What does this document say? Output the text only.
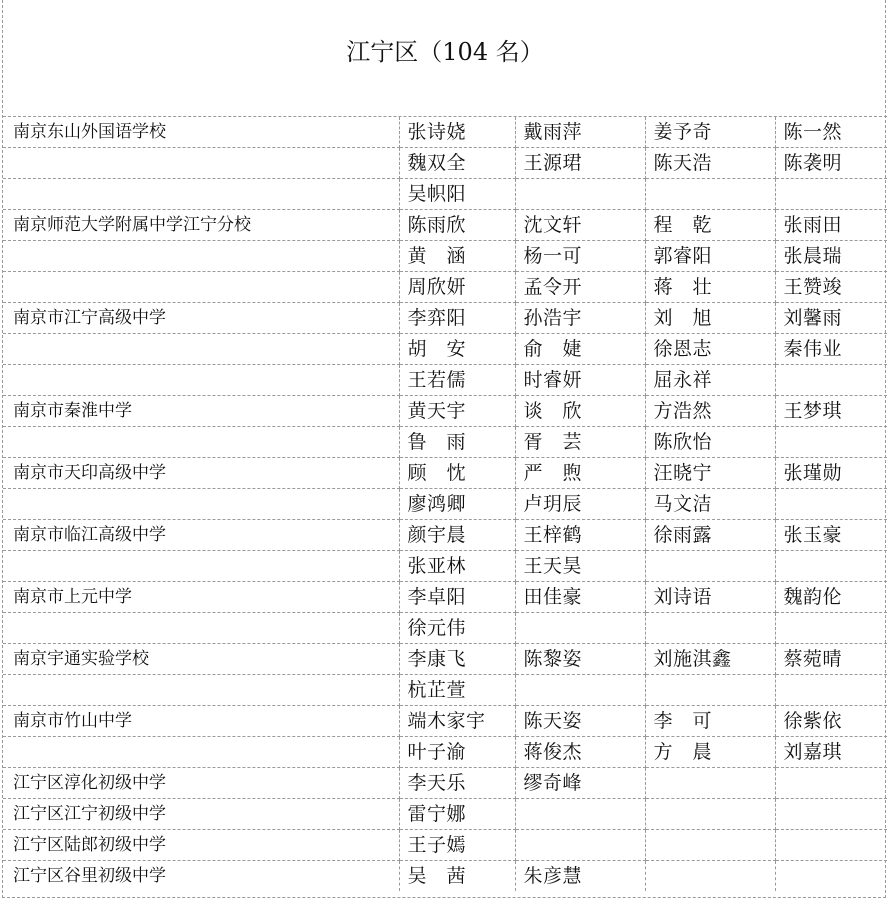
江宁区（104 名）
南京东山外国语学校	张诗娆	戴雨萍	姜予奇	陈一然
	魏双全	王源珺	陈天浩	陈袭明
	吴帜阳			
南京师范大学附属中学江宁分校	陈雨欣	沈文轩	程　乾	张雨田
	黄　涵	杨一可	郭睿阳	张晨瑞
	周欣妍	孟令开	蒋　壮	王赞竣
南京市江宁高级中学	李弈阳	孙浩宇	刘　旭	刘馨雨
	胡　安	俞　婕	徐恩志	秦伟业
	王若儒	时睿妍	屈永祥	
南京市秦淮中学	黄天宇	谈　欣	方浩然	王梦琪
	鲁　雨	胥　芸	陈欣怡	
南京市天印高级中学	顾　忱	严　煦	汪晓宁	张瑾勋
	廖鸿卿	卢玥辰	马文洁	
南京市临江高级中学	颜宇晨	王梓鹤	徐雨露	张玉豪
	张亚林	王天昊		
南京市上元中学	李卓阳	田佳豪	刘诗语	魏韵伦
	徐元伟			
南京宇通实验学校	李康飞	陈黎姿	刘施淇鑫	蔡菀晴
	杭芷萱			
南京市竹山中学	端木家宇	陈天姿	李　可	徐紫依
	叶子渝	蒋俊杰	方　晨	刘嘉琪
江宁区淳化初级中学	李天乐	缪奇峰		
江宁区江宁初级中学	雷宁娜			
江宁区陆郎初级中学	王子嫣			
江宁区谷里初级中学	吴　茜	朱彦慧		
